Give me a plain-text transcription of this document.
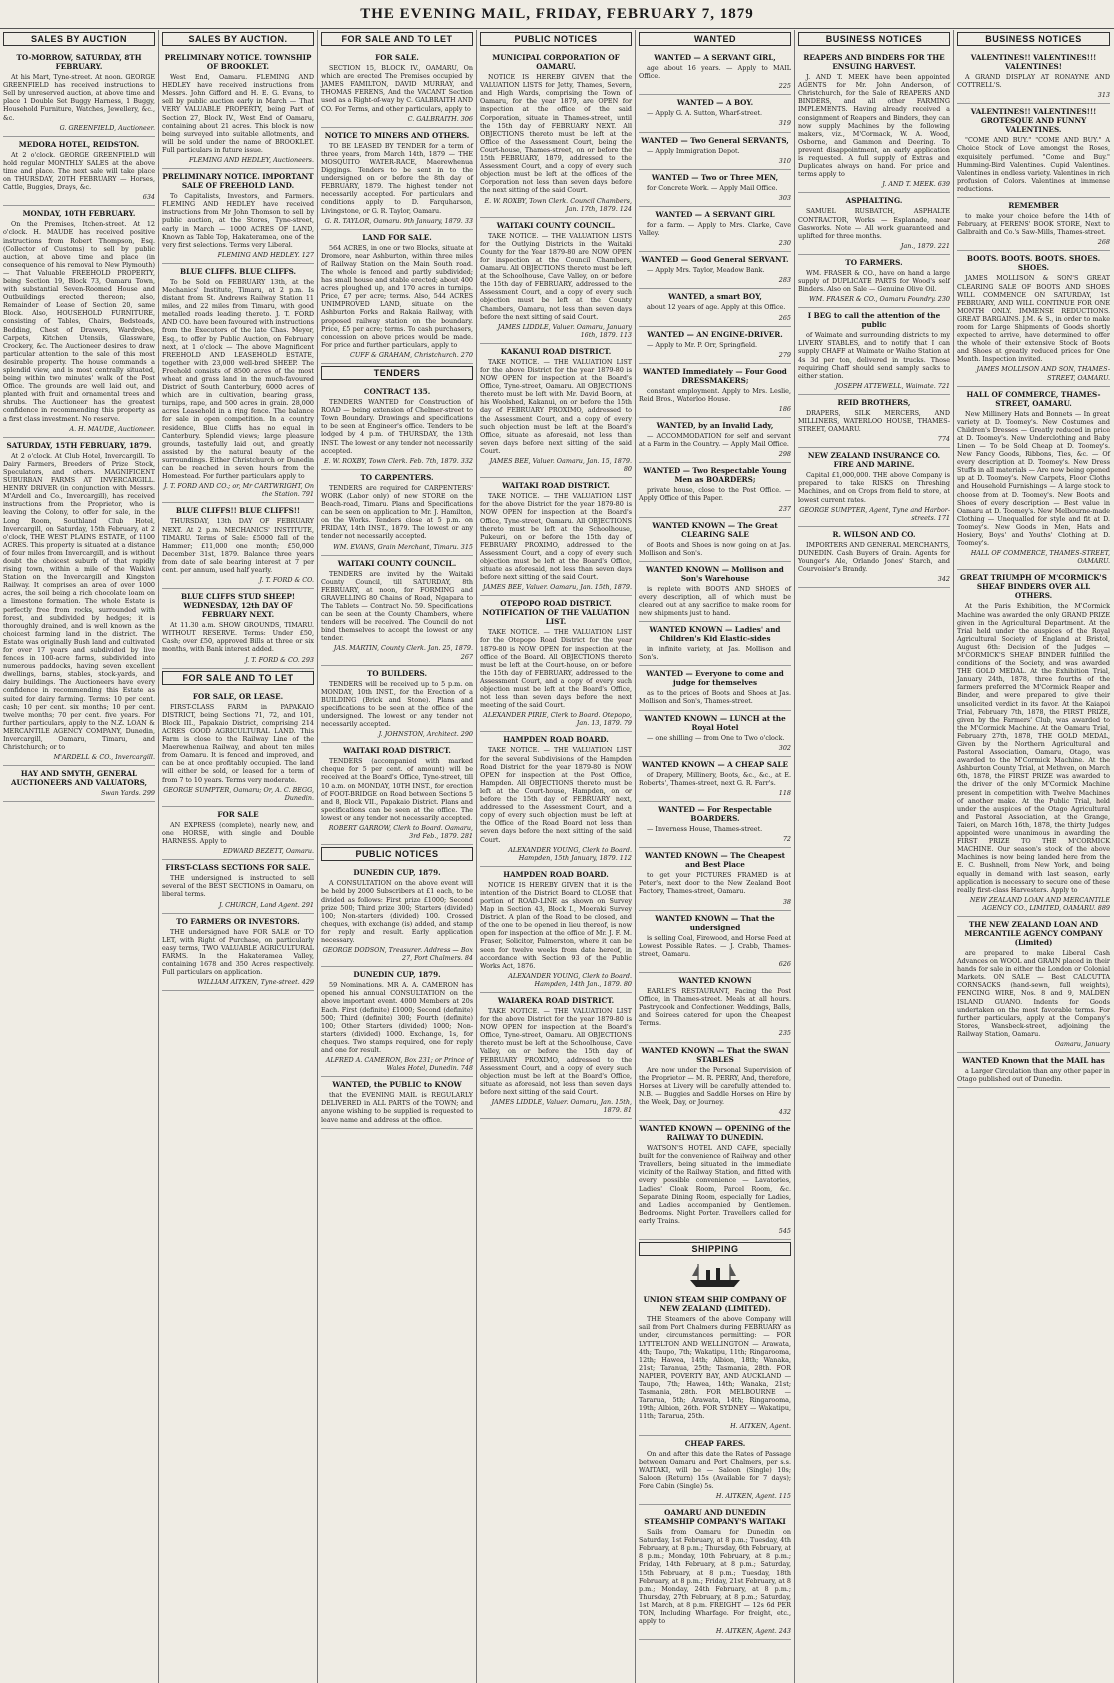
THE EVENING MAIL, FRIDAY, FEBRUARY 7, 1879
SALES BY AUCTION
TO-MORROW, SATURDAY, 8TH FEBRUARY.
At his Mart, Tyne-street. At noon. GEORGE GREENFIELD has received instructions to Sell by unreserved auction, at above time and place 1 Double Set Buggy Harness, 1 Buggy, Household Furniture, Watches, Jewellery, &c., &c.
G. GREENFIELD, Auctioneer.
MEDORA HOTEL, REIDSTON.
At 2 o'clock. GEORGE GREENFIELD will hold regular MONTHLY SALES at the above time and place. The next sale will take place on THURSDAY, 20TH FEBRUARY — Horses, Cattle, Buggies, Drays, &c.
634
MONDAY, 10TH FEBRUARY.
On the Premises, Itchen-street. At 12 o'clock. H. MAUDE has received positive instructions from Robert Thompson, Esq. (Collector of Customs) to sell by public auction, at above time and place (in consequence of his removal to New Plymouth) — That Valuable FREEHOLD PROPERTY, being Section 19, Block 73, Oamaru Town, with substantial Seven-Roomed House and Outbuildings erected thereon; also, Remainder of Lease of Section 20, same Block. Also, HOUSEHOLD FURNITURE, consisting of Tables, Chairs, Bedsteads, Bedding, Chest of Drawers, Wardrobes, Carpets, Kitchen Utensils, Glassware, Crockery, &c. The Auctioneer desires to draw particular attention to the sale of this most desirable property. The house commands a splendid view, and is most centrally situated, being within two minutes' walk of the Post Office. The grounds are well laid out, and planted with fruit and ornamental trees and shrubs. The Auctioneer has the greatest confidence in recommending this property as a first class investment. No reserve.
A. H. MAUDE, Auctioneer.
SATURDAY, 15TH FEBRUARY, 1879.
At 2 o'clock. At Club Hotel, Invercargill. To Dairy Farmers, Breeders of Prize Stock, Speculators, and others. MAGNIFICENT SUBURBAN FARMS AT INVERCARGILL. HENRY DRIVER (in conjunction with Messrs. M'Ardell and Co., Invercargill), has received instructions from the Proprietor, who is leaving the Colony, to offer for sale, in the Long Room, Southland Club Hotel, Invercargill, on Saturday, 15th February, at 2 o'clock, THE WEST PLAINS ESTATE, of 1100 ACRES. This property is situated at a distance of four miles from Invercargill, and is without doubt the choicest suburb of that rapidly rising town, within a mile of the Waikiwi Station on the Invercargill and Kingston Railway. It comprises an area of over 1000 acres, the soil being a rich chocolate loam on a limestone formation. The whole Estate is perfectly free from rocks, surrounded with forest, and subdivided by hedges; it is thoroughly drained, and is well known as the choicest farming land in the district. The Estate was originally Bush land and cultivated for over 17 years and subdivided by live fences in 100-acre farms, subdivided into numerous paddocks, having seven excellent dwellings, barns, stables, stock-yards, and dairy buildings. The Auctioneers have every confidence in recommending this Estate as suited for dairy farming. Terms: 10 per cent. cash; 10 per cent. six months; 10 per cent. twelve months; 70 per cent. five years. For further particulars, apply to the N.Z. LOAN & MERCANTILE AGENCY COMPANY, Dunedin, Invercargill, Oamaru, Timaru, and Christchurch; or to
M'ARDELL & CO., Invercargill.
HAY AND SMYTH, GENERAL AUCTIONEERS AND VALUATORS,
Swan Yards. 299
SALES BY AUCTION.
PRELIMINARY NOTICE. TOWNSHIP OF BROOKLET.
West End, Oamaru. FLEMING AND HEDLEY have received instructions from Messrs. John Gifford and H. E. G. Evans, to sell by public auction early in March — That VERY VALUABLE PROPERTY, being Part of Section 27, Block IV., West End of Oamaru, containing about 21 acres. This block is now being surveyed into suitable allotments, and will be sold under the name of BROOKLET. Full particulars in future issue.
FLEMING AND HEDLEY, Auctioneers.
PRELIMINARY NOTICE. IMPORTANT SALE OF FREEHOLD LAND.
To Capitalists, Investors, and Farmers. FLEMING AND HEDLEY have received instructions from Mr John Thomson to sell by public auction, at the Stores, Tyne-street, early in March — 1000 ACRES OF LAND, Known as Table Top, Hakateramea, one of the very first selections. Terms very Liberal.
FLEMING AND HEDLEY. 127
BLUE CLIFFS. BLUE CLIFFS.
To be Sold on FEBRUARY 13th, at the Mechanics' Institute, Timaru, at 2 p.m. Is distant from St. Andrews Railway Station 11 miles, and 22 miles from Timaru, with good metalled roads leading thereto. J. T. FORD AND CO. have been favoured with instructions from the Executors of the late Chas. Meyer, Esq., to offer by Public Auction, on February next, at 1 o'clock — The above Magnificent FREEHOLD AND LEASEHOLD ESTATE, together with 23,000 well-bred SHEEP. The Freehold consists of 8500 acres of the most wheat and grass land in the much-favoured District of South Canterbury, 6000 acres of which are in cultivation, bearing grass, turnips, rape, and 500 acres in grain. 28,000 acres Leasehold in a ring fence. The balance for sale in open competition. In a country residence, Blue Cliffs has no equal in Canterbury. Splendid views; large pleasure grounds, tastefully laid out, and greatly assisted by the natural beauty of the surroundings. Either Christchurch or Dunedin can be reached in seven hours from the Homestead. For further particulars apply to
J. T. FORD AND CO.; or, Mr CARTWRIGHT, On the Station. 791
BLUE CLIFFS!! BLUE CLIFFS!!
THURSDAY, 13th DAY OF FEBRUARY NEXT. At 2 p.m. MECHANICS' INSTITUTE, TIMARU. Terms of Sale: £5000 fall of the Hammer; £11,000 one month; £50,000 December 31st, 1879. Balance three years from date of sale bearing interest at 7 per cent. per annum, used half yearly.
J. T. FORD & CO.
BLUE CLIFFS STUD SHEEP! WEDNESDAY, 12th DAY OF FEBRUARY NEXT.
At 11.30 a.m. SHOW GROUNDS, TIMARU. WITHOUT RESERVE. Terms: Under £50, Cash; over £50, approved Bills at three or six months, with Bank interest added.
J. T. FORD & CO. 293
FOR SALE AND TO LET
FOR SALE, OR LEASE.
FIRST-CLASS FARM in PAPAKAIO DISTRICT, being Sections 71, 72, and 101, Block III., Papakaio District, comprising 214 ACRES GOOD AGRICULTURAL LAND. This Farm is close to the Railway Line of the Maerewhenua Railway, and about ten miles from Oamaru. It is fenced and improved, and can be at once profitably occupied. The land will either be sold, or leased for a term of from 7 to 10 years. Terms very moderate.
GEORGE SUMPTER, Oamaru; Or, A. C. BEGG, Dunedin.
FOR SALE
AN EXPRESS (complete), nearly new, and one HORSE, with single and Double HARNESS. Apply to
EDWARD BEZETT, Oamaru.
FIRST-CLASS SECTIONS FOR SALE.
THE undersigned is instructed to sell several of the BEST SECTIONS in Oamaru, on liberal terms.
J. CHURCH, Land Agent. 291
TO FARMERS OR INVESTORS.
THE undersigned have FOR SALE or TO LET, with Right of Purchase, on particularly easy terms, TWO VALUABLE AGRICULTURAL FARMS. In the Hakateramea Valley, containing 1678 and 350 Acres respectively. Full particulars on application.
WILLIAM AITKEN, Tyne-street. 429
FOR SALE AND TO LET
FOR SALE.
SECTION 15, BLOCK IV., OAMARU, On which are erected The Premises occupied by JAMES FAMILTON, DAVID MURRAY, and THOMAS FERENS, And the VACANT Section used as a Right-of-way by C. GALBRAITH AND CO. For Terms, and other particulars, apply to
C. GALBRAITH. 306
NOTICE TO MINERS AND OTHERS.
TO BE LEASED BY TENDER for a term of three years, from March 14th, 1879 — THE MOSQUITO WATER-RACE, Maerewhenua Diggings. Tenders to be sent in to the undersigned on or before the 8th day of FEBRUARY, 1879. The highest tender not necessarily accepted. For particulars and conditions apply to D. Farquharson, Livingstone, or G. R. Taylor, Oamaru.
G. R. TAYLOR, Oamaru. 9th January, 1879. 33
LAND FOR SALE.
564 ACRES, in one or two Blocks, situate at Dromore, near Ashburton, within three miles of Railway Station on the Main South road. The whole is fenced and partly subdivided; has small house and stable erected; about 400 acres ploughed up, and 170 acres in turnips. Price, £7 per acre; terms. Also, 544 ACRES UNIMPROVED LAND, situate on the Ashburton Forks and Rakaia Railway, with proposed railway station on the boundary. Price, £5 per acre; terms. To cash purchasers, concession on above prices would be made. For price and further particulars, apply to
CUFF & GRAHAM, Christchurch. 270
TENDERS
CONTRACT 135.
TENDERS WANTED for Construction of ROAD — being extension of Chelmer-street to Town Boundary. Drawings and specifications to be seen at Engineer's office. Tenders to be lodged by 4 p.m. of THURSDAY, the 13th INST. The lowest or any tender not necessarily accepted.
E. W. ROXBY, Town Clerk. Feb. 7th, 1879. 332
TO CARPENTERS.
TENDERS are required for CARPENTERS' WORK (Labor only) of new STORE on the Beach-road, Timaru. Plans and Specifications can be seen on application to Mr. J. Hamilton, on the Works. Tenders close at 5 p.m. on FRIDAY, 14th INST., 1879. The lowest or any tender not necessarily accepted.
WM. EVANS, Grain Merchant, Timaru. 315
WAITAKI COUNTY COUNCIL.
TENDERS are invited by the Waitaki County Council, till SATURDAY, 8th FEBRUARY, at noon, for FORMING and GRAVELLING 80 Chains of Road, Ngapara to The Tablets — Contract No. 59. Specifications can be seen at the County Chambers, where tenders will be received. The Council do not bind themselves to accept the lowest or any tender.
JAS. MARTIN, County Clerk. Jan. 25, 1879. 267
TO BUILDERS.
TENDERS will be received up to 5 p.m. on MONDAY, 10th INST., for the Erection of a BUILDING (Brick and Stone). Plans and specifications to be seen at the office of the undersigned. The lowest or any tender not necessarily accepted.
J. JOHNSTON, Architect. 290
WAITAKI ROAD DISTRICT.
TENDERS (accompanied with marked cheque for 5 per cent. of amount) will be received at the Board's Office, Tyne-street, till 10 a.m. on MONDAY, 10TH INST., for erection of FOOT-BRIDGE on Road between Sections 5 and 8, Block VII., Papakaio District. Plans and specifications can be seen at the office. The lowest or any tender not necessarily accepted.
ROBERT GARROW, Clerk to Board. Oamaru, 3rd Feb., 1879. 281
PUBLIC NOTICES
DUNEDIN CUP, 1879.
A CONSULTATION on the above event will be held by 2000 Subscribers at £1 each, to be divided as follows: First prize £1000; Second prize 500; Third prize 300; Starters (divided) 100; Non-starters (divided) 100. Crossed cheques, with exchange (is) added, and stamp for reply and result. Early application necessary.
GEORGE DODSON, Treasurer. Address — Box 27, Port Chalmers. 84
DUNEDIN CUP, 1879.
59 Nominations. MR A. A. CAMERON has opened his annual CONSULTATION on the above important event. 4000 Members at 20s Each. First (definite) £1000; Second (definite) 500; Third (definite) 300; Fourth (definite) 100; Other Starters (divided) 1000; Non-starters (divided) 1000. Exchange, 1s, for cheques. Two stamps required, one for reply and one for result.
ALFRED A. CAMERON, Box 231; or Prince of Wales Hotel, Dunedin. 748
WANTED, the PUBLIC to KNOW
that the EVENING MAIL is REGULARLY DELIVERED in ALL PARTS of the TOWN; and anyone wishing to be supplied is requested to leave name and address at the office.
PUBLIC NOTICES
MUNICIPAL CORPORATION OF OAMARU.
NOTICE IS HEREBY GIVEN that the VALUATION LISTS for Jetty, Thames, Severn, and High Wards, comprising the Town of Oamaru, for the year 1879, are OPEN for inspection at the office of the said Corporation, situate in Thames-street, until the 15th day of FEBRUARY NEXT. All OBJECTIONS thereto must be left at the Office of the Assessment Court, being the Court-house, Thames-street, on or before the 15th FEBRUARY, 1879, addressed to the Assessment Court, and a copy of every such objection must be left at the offices of the Corporation not less than seven days before the next sitting of the said Court.
E. W. ROXBY, Town Clerk. Council Chambers, Jan. 17th, 1879. 124
WAITAKI COUNTY COUNCIL.
TAKE NOTICE. — THE VALUATION LISTS for the Outlying Districts in the Waitaki County for the Year 1879-80 are NOW OPEN for inspection at the Council Chambers, Oamaru. All OBJECTIONS thereto must be left at the Schoolhouse, Cave Valley, on or before the 15th day of FEBRUARY, addressed to the Assessment Court, and a copy of every such objection must be left at the County Chambers, Oamaru, not less than seven days before the next sitting of said Court.
JAMES LIDDLE, Valuer. Oamaru, January 16th, 1879. 113
KAKANUI ROAD DISTRICT.
TAKE NOTICE. — THE VALUATION LIST for the above District for the year 1879-80 is NOW OPEN for inspection at the Board's Office, Tyne-street, Oamaru. All OBJECTIONS thereto must be left with Mr. David Boorn, at his Woolshed, Kakanui, on or before the 15th day of FEBRUARY PROXIMO, addressed to the Assessment Court, and a copy of every such objection must be left at the Board's Office, situate as aforesaid, not less than seven days before next sitting of the said Court.
JAMES BEE, Valuer. Oamaru, Jan. 15, 1879. 80
WAITAKI ROAD DISTRICT.
TAKE NOTICE. — THE VALUATION LIST for the above District for the year 1879-80 is NOW OPEN for inspection at the Board's Office, Tyne-street, Oamaru. All OBJECTIONS thereto must be left at the Schoolhouse, Pukeuri, on or before the 15th day of FEBRUARY PROXIMO, addressed to the Assessment Court, and a copy of every such objection must be left at the Board's Office, situate as aforesaid, not less than seven days before next sitting of the said Court.
JAMES BEE, Valuer. Oamaru, Jan. 15th, 1879.
OTEPOPO ROAD DISTRICT. NOTIFICATION OF THE VALUATION LIST.
TAKE NOTICE. — THE VALUATION LIST for the Otepopo Road District for the year 1879-80 is NOW OPEN for inspection at the office of the Board. All OBJECTIONS thereto must be left at the Court-house, on or before the 15th day of FEBRUARY, addressed to the Assessment Court, and a copy of every such objection must be left at the Board's Office, not less than seven days before the next meeting of the said Court.
ALEXANDER PIRIE, Clerk to Board. Otepopo, Jan. 13, 1879. 79
HAMPDEN ROAD BOARD.
TAKE NOTICE. — THE VALUATION LIST for the several Subdivisions of the Hampden Road District for the year 1879-80 is NOW OPEN for inspection at the Post Office, Hampden. All OBJECTIONS thereto must be left at the Court-house, Hampden, on or before the 15th day of FEBRUARY next, addressed to the Assessment Court, and a copy of every such objection must be left at the Office of the Road Board not less than seven days before the next sitting of the said Court.
ALEXANDER YOUNG, Clerk to Board. Hampden, 15th January, 1879. 112
HAMPDEN ROAD BOARD.
NOTICE IS HEREBY GIVEN that it is the intention of the District Board to CLOSE that portion of ROAD-LINE as shown on Survey Map in Section 43, Block I., Moeraki Survey District. A plan of the Road to be closed, and of the one to be opened in lieu thereof, is now open for inspection at the office of Mr. J. F. M. Fraser, Solicitor, Palmerston, where it can be seen for twelve weeks from date hereof, in accordance with Section 93 of the Public Works Act, 1876.
ALEXANDER YOUNG, Clerk to Board. Hampden, 14th Jan., 1879. 80
WAIAREKA ROAD DISTRICT.
TAKE NOTICE. — THE VALUATION LIST for the above District for the year 1879-80 is NOW OPEN for inspection at the Board's Office, Tyne-street, Oamaru. All OBJECTIONS thereto must be left at the Schoolhouse, Cave Valley, on or before the 15th day of FEBRUARY PROXIMO, addressed to the Assessment Court, and a copy of every such objection must be left at the Board's Office, situate as aforesaid, not less than seven days before next sitting of the said Court.
JAMES LIDDLE, Valuer. Oamaru, Jan. 15th, 1879. 81
WANTED
WANTED — A SERVANT GIRL,
age about 16 years. — Apply to MAIL Office.
225
WANTED — A BOY.
— Apply G. A. Sutton, Wharf-street.
319
WANTED — Two General SERVANTS,
— Apply Immigration Depot.
310
WANTED — Two or Three MEN,
for Concrete Work. — Apply Mail Office.
303
WANTED — A SERVANT GIRL
for a farm. — Apply to Mrs. Clarke, Cave Valley.
230
WANTED — Good General SERVANT.
— Apply Mrs. Taylor, Meadow Bank.
283
WANTED, a smart BOY,
about 12 years of age. Apply at this Office.
265
WANTED — AN ENGINE-DRIVER.
— Apply to Mr. P. Orr, Springfield.
279
WANTED Immediately — Four Good DRESSMAKERS;
constant employment. Apply to Mrs. Leslie, Reid Bros., Waterloo House.
186
WANTED, by an Invalid Lady,
— ACCOMMODATION for self and servant at a Farm in the Country. — Apply Mail Office.
298
WANTED — Two Respectable Young Men as BOARDERS;
private house, close to the Post Office. — Apply Office of this Paper.
237
WANTED KNOWN — The Great CLEARING SALE
of Boots and Shoes is now going on at Jas. Mollison and Son's.
WANTED KNOWN — Mollison and Son's Warehouse
is replete with BOOTS AND SHOES of every description, all of which must be cleared out at any sacrifice to make room for new shipments just to hand.
WANTED KNOWN — Ladies' and Children's Kid Elastic-sides
in infinite variety, at Jas. Mollison and Son's.
WANTED — Everyone to come and judge for themselves
as to the prices of Boots and Shoes at Jas. Mollison and Son's, Thames-street.
WANTED KNOWN — LUNCH at the Royal Hotel
— one shilling — from One to Two o'clock.
302
WANTED KNOWN — A CHEAP SALE
of Drapery, Millinery, Boots, &c., &c., at E. Roberts', Thames-street, next G. R. Farr's.
118
WANTED — For Respectable BOARDERS.
— Inverness House, Thames-street.
72
WANTED KNOWN — The Cheapest and Best Place
to get your PICTURES FRAMED is at Peter's, next door to the New Zealand Boot Factory, Thames-street, Oamaru.
38
WANTED KNOWN — That the undersigned
is selling Coal, Firewood, and Horse Feed at Lowest Possible Rates. — J. Crabb, Thames-street, Oamaru.
626
WANTED KNOWN
EARLE'S RESTAURANT, Facing the Post Office, in Thames-street. Meals at all hours. Pastrycook and Confectioner. Weddings, Balls, and Soirees catered for upon the Cheapest Terms.
235
WANTED KNOWN — That the SWAN STABLES
Are now under the Personal Supervision of the Proprietor — M. R. PERRY, And, therefore, Horses at Livery will be carefully attended to. N.B. — Buggies and Saddle Horses on Hire by the Week, Day, or Journey.
432
WANTED KNOWN — OPENING of the RAILWAY TO DUNEDIN.
WATSON'S HOTEL AND CAFE, specially built for the convenience of Railway and other Travellers, being situated in the immediate vicinity of the Railway Station, and fitted with every possible convenience — Lavatories, Ladies' Cloak Room, Parcel Room, &c. Separate Dining Room, especially for Ladies, and Ladies accompanied by Gentlemen. Bedrooms. Night Porter. Travellers called for early Trains.
545
SHIPPING
UNION STEAM SHIP COMPANY OF NEW ZEALAND (LIMITED).
THE Steamers of the above Company will sail from Port Chalmers during FEBRUARY as under, circumstances permitting: — FOR LYTTELTON AND WELLINGTON — Arawata, 4th; Taupo, 7th; Wakatipu, 11th; Ringarooma, 12th; Hawea, 14th; Albion, 18th; Wanaka, 21st; Taranua, 25th; Tasmania, 28th. FOR NAPIER, POVERTY BAY, AND AUCKLAND — Taupo, 7th; Hawea, 14th; Wanaka, 21st; Tasmania, 28th. FOR MELBOURNE — Tararua, 5th; Arawata, 14th; Ringarooma, 19th; Albion, 26th. FOR SYDNEY — Wakatipu, 11th; Tararua, 25th.
H. AITKEN, Agent.
CHEAP FARES.
On and after this date the Rates of Passage between Oamaru and Port Chalmers, per s.s. WAITAKI, will be — Saloon (Single) 10s; Saloon (Return) 15s (Available for 7 days); Fore Cabin (Single) 5s.
H. AITKEN, Agent. 115
OAMARU AND DUNEDIN STEAMSHIP COMPANY'S WAITAKI
Sails from Oamaru for Dunedin on Saturday, 1st February, at 8 p.m.; Tuesday, 4th February, at 8 p.m.; Thursday, 6th February, at 8 p.m.; Monday, 10th February, at 8 p.m.; Friday, 14th February, at 8 p.m.; Saturday, 15th February, at 8 p.m.; Tuesday, 18th February, at 8 p.m.; Friday, 21st February, at 8 p.m.; Monday, 24th February, at 8 p.m.; Thursday, 27th February, at 8 p.m.; Saturday, 1st March, at 8 p.m. FREIGHT — 12s 6d PER TON, Including Wharfage. For freight, etc., apply to
H. AITKEN, Agent. 243
BUSINESS NOTICES
REAPERS AND BINDERS FOR THE ENSUING HARVEST.
J. AND T. MEEK have been appointed AGENTS for Mr. John Anderson, of Christchurch, for the Sale of REAPERS AND BINDERS, and all other FARMING IMPLEMENTS. Having already received a consignment of Reapers and Binders, they can now supply Machines by the following makers, viz., M'Cormack, W. A. Wood, Osborne, and Gammon and Deering. To prevent disappointment, an early application is requested. A full supply of Extras and Duplicates always on hand. For price and terms apply to
J. AND T. MEEK. 639
ASPHALTING.
SAMUEL RUSBATCH, ASPHALTE CONTRACTOR, Works — Esplanade, near Gasworks. Note — All work guaranteed and uplifted for three months.
Jan., 1879. 221
TO FARMERS.
WM. FRASER & CO., have on hand a large supply of DUPLICATE PARTS for Wood's self Binders. Also on Sale — Genuine Olive Oil.
WM. FRASER & CO., Oamaru Foundry. 230
I BEG to call the attention of the public
of Waimate and surrounding districts to my LIVERY STABLES, and to notify that I can supply CHAFF at Waimate or Waiho Station at 4s 3d per ton, delivered in trucks. Those requiring Chaff should send samply sacks to either station.
JOSEPH ATTEWELL, Waimate. 721
REID BROTHERS,
DRAPERS, SILK MERCERS, AND MILLINERS, WATERLOO HOUSE, THAMES-STREET, OAMARU.
774
NEW ZEALAND INSURANCE CO. FIRE AND MARINE.
Capital £1,000,000. THE above Company is prepared to take RISKS on Threshing Machines, and on Crops from field to store, at lowest current rates.
GEORGE SUMPTER, Agent, Tyne and Harbor-streets. 171
R. WILSON AND CO.
IMPORTERS AND GENERAL MERCHANTS, DUNEDIN. Cash Buyers of Grain. Agents for Younger's Ale, Orlando Jones' Starch, and Courvoisier's Brandy.
342
BUSINESS NOTICES
VALENTINES!! VALENTINES!!! VALENTINES!
A GRAND DISPLAY AT RONAYNE AND COTTRELL'S.
313
VALENTINES!! VALENTINES!!! GROTESQUE AND FUNNY VALENTINES.
"COME AND BUY." "COME AND BUY." A Choice Stock of Love amongst the Roses, exquisitely perfumed. "Come and Buy." Humming-Bird Valentines. Cupid Valentines. Valentines in endless variety. Valentines in rich profusion of Colors. Valentines at immense reductions.
REMEMBER
to make your choice before the 14th of February, at FERENS' BOOK STORE, Next to Galbraith and Co.'s Saw-Mills, Thames-street.
268
BOOTS. BOOTS. BOOTS. SHOES. SHOES.
JAMES MOLLISON & SON'S GREAT CLEARING SALE OF BOOTS AND SHOES WILL COMMENCE ON SATURDAY, 1st FEBRUARY, AND WILL CONTINUE FOR ONE MONTH ONLY. IMMENSE REDUCTIONS. GREAT BARGAINS. J.M. & S., in order to make room for Large Shipments of Goods shortly expected to arrive, have determined to offer the whole of their extensive Stock of Boots and Shoes at greatly reduced prices for One Month. Inspection invited.
JAMES MOLLISON AND SON, THAMES-STREET, OAMARU.
HALL OF COMMERCE, THAMES-STREET, OAMARU.
New Millinery Hats and Bonnets — In great variety at D. Toomey's. New Costumes and Children's Dresses — Greatly reduced in price at D. Toomey's. New Underclothing and Baby Linen — To be Sold Cheap at D. Toomey's. New Fancy Goods, Ribbons, Ties, &c. — Of every description at D. Toomey's. New Dress Stuffs in all materials — Are now being opened up at D. Toomey's. New Carpets, Floor Cloths and Household Furnishings — A large stock to choose from at D. Toomey's. New Boots and Shoes of every description — Best value in Oamaru at D. Toomey's. New Melbourne-made Clothing — Unequalled for style and fit at D. Toomey's. New Goods in Men, Hats and Hosiery, Boys' and Youths' Clothing at D. Toomey's.
HALL OF COMMERCE, THAMES-STREET, OAMARU.
GREAT TRIUMPH OF M'CORMICK'S SHEAF BINDERS OVER ALL OTHERS.
At the Paris Exhibition, the M'Cormick Machine was awarded the only GRAND PRIZE given in the Agricultural Department. At the Trial held under the auspices of the Royal Agricultural Society of England at Bristol, August 6th: Decision of the Judges — M'CORMICK'S SHEAF BINDER fulfilled the conditions of the Society, and was awarded THE GOLD MEDAL. At the Exhibition Trial, January 24th, 1878, three fourths of the farmers preferred the M'Cormick Reaper and Binder, and were prepared to give their unsolicited verdict in its favor. At the Kaiapoi Trial, February 7th, 1878, the FIRST PRIZE, given by the Farmers' Club, was awarded to the M'Cormick Machine. At the Oamaru Trial, February 27th, 1878, THE GOLD MEDAL, Given by the Northern Agricultural and Pastoral Association, Oamaru, Otago, was awarded to the M'Cormick Machine. At the Ashburton County Trial, at Methven, on March 6th, 1878, the FIRST PRIZE was awarded to the driver of the only M'Cormick Machine present in competition with Twelve Machines of another make. At the Public Trial, held under the auspices of the Otago Agricultural and Pastoral Association, at the Grange, Taieri, on March 16th, 1878, the thirty Judges appointed were unanimous in awarding the FIRST PRIZE TO THE M'CORMICK MACHINE. Our season's stock of the above Machines is now being landed here from the E. C. Bushnell, from New York, and being equally in demand with last season, early application is necessary to secure one of these really first-class Harvesters. Apply to
NEW ZEALAND LOAN AND MERCANTILE AGENCY CO., LIMITED, OAMARU. 889
THE NEW ZEALAND LOAN AND MERCANTILE AGENCY COMPANY (Limited)
are prepared to make Liberal Cash Advances on WOOL and GRAIN placed in their hands for sale in either the London or Colonial Markets. ON SALE — Best CALCUTTA CORNSACKS (hand-sewn, full weights), FENCING WIRE, Nos. 8 and 9, MALDEN ISLAND GUANO. Indents for Goods undertaken on the most favorable terms. For further particulars, apply at the Company's Stores, Wansbeck-street, adjoining the Railway Station, Oamaru.
Oamaru, January
WANTED Known that the MAIL has
a Larger Circulation than any other paper in Otago published out of Dunedin.
